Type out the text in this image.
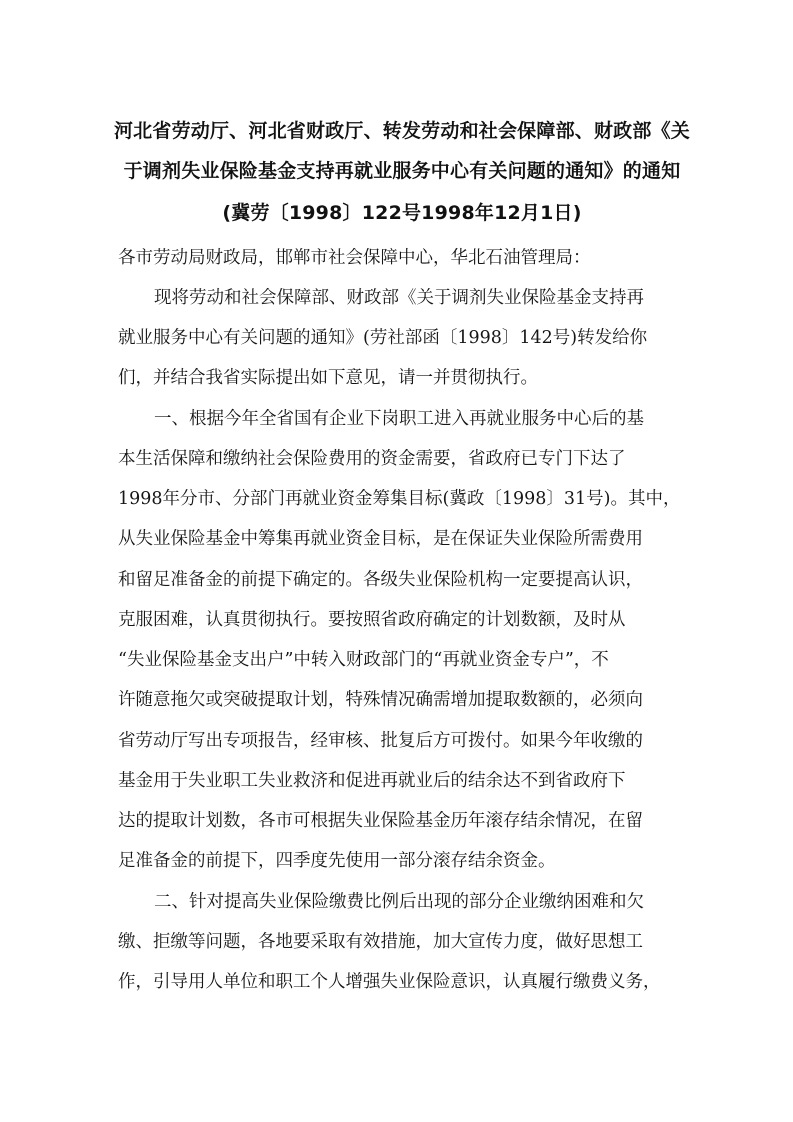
河北省劳动厅、河北省财政厅、转发劳动和社会保障部、财政部《关
于调剂失业保险基金支持再就业服务中心有关问题的通知》的通知
(冀劳〔1998〕122号1998年12月1日)
各市劳动局财政局，邯郸市社会保障中心，华北石油管理局：
现将劳动和社会保障部、财政部《关于调剂失业保险基金支持再
就业服务中心有关问题的通知》(劳社部函〔1998〕142号)转发给你
们，并结合我省实际提出如下意见，请一并贯彻执行。
一、根据今年全省国有企业下岗职工进入再就业服务中心后的基
本生活保障和缴纳社会保险费用的资金需要，省政府已专门下达了
1998年分市、分部门再就业资金筹集目标(冀政〔1998〕31号)。其中，
从失业保险基金中筹集再就业资金目标，是在保证失业保险所需费用
和留足准备金的前提下确定的。各级失业保险机构一定要提高认识，
克服困难，认真贯彻执行。要按照省政府确定的计划数额，及时从
“失业保险基金支出户”中转入财政部门的“再就业资金专户”，不
许随意拖欠或突破提取计划，特殊情况确需增加提取数额的，必须向
省劳动厅写出专项报告，经审核、批复后方可拨付。如果今年收缴的
基金用于失业职工失业救济和促进再就业后的结余达不到省政府下
达的提取计划数，各市可根据失业保险基金历年滚存结余情况，在留
足准备金的前提下，四季度先使用一部分滚存结余资金。
二、针对提高失业保险缴费比例后出现的部分企业缴纳困难和欠
缴、拒缴等问题，各地要采取有效措施，加大宣传力度，做好思想工
作，引导用人单位和职工个人增强失业保险意识，认真履行缴费义务，
